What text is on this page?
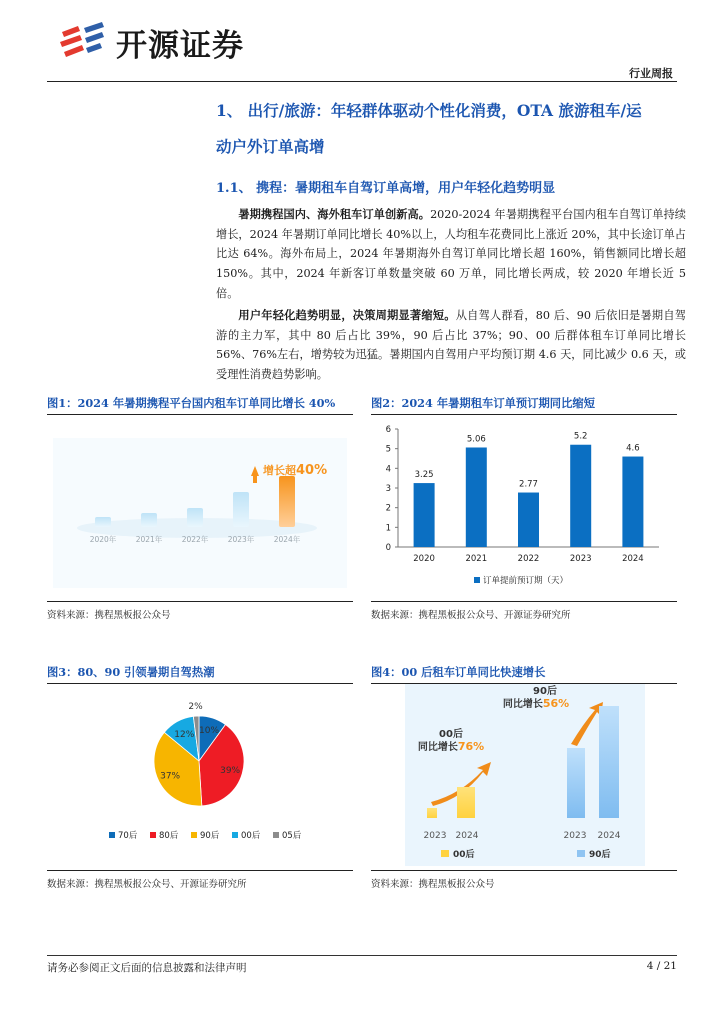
开源证券
行业周报
1、 出行/旅游：年轻群体驱动个性化消费，OTA 旅游租车/运
动户外订单高增
1.1、 携程：暑期租车自驾订单高增，用户年轻化趋势明显
暑期携程国内、海外租车订单创新高。2020-2024 年暑期携程平台国内租车自驾订单持续增长，2024 年暑期订单同比增长 40%以上，人均租车花费同比上涨近 20%，其中长途订单占比达 64%。海外布局上，2024 年暑期海外自驾订单同比增长超 160%，销售额同比增长超 150%。其中，2024 年新客订单数量突破 60 万单，同比增长两成，较 2020 年增长近 5 倍。
用户年轻化趋势明显，决策周期显著缩短。从自驾人群看，80 后、90 后依旧是暑期自驾游的主力军，其中 80 后占比 39%，90 后占比 37%；90、00 后群体租车订单同比增长 56%、76%左右，增势较为迅猛。暑期国内自驾用户平均预订期 4.6 天，同比减少 0.6 天，或受理性消费趋势影响。
图1：2024 年暑期携程平台国内租车订单同比增长 40%
增长超40%
2020年	2021年	2022年	2023年	2024年
资料来源：携程黑板报公众号
图2：2024 年暑期租车订单预订期同比缩短
0
1
2
3
4
5
6
3.25
2020
5.06
2021
2.77
2022
5.2
2023
4.6
2024
订单提前预订期（天）
数据来源：携程黑板报公众号、开源证券研究所
图3：80、90 引领暑期自驾热潮
10%
39%
37%
12%
2%
70后	80后	90后	00后	05后
数据来源：携程黑板报公众号、开源证券研究所
图4：00 后租车订单同比快速增长
00后
同比增长76%
2023 2024
90后
同比增长56%
2023 2024
00后	90后
资料来源：携程黑板报公众号
请务必参阅正文后面的信息披露和法律声明	4 / 21
